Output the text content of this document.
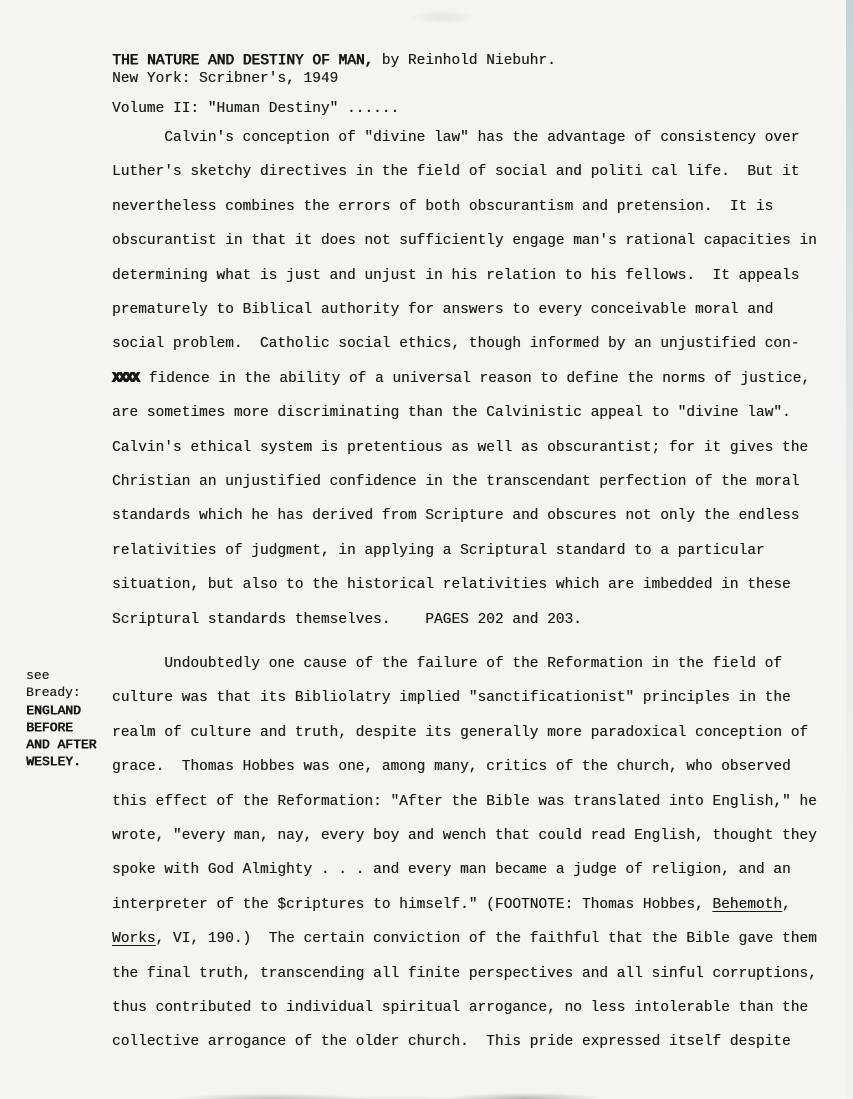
THE NATURE AND DESTINY OF MAN, by Reinhold Niebuhr.
New York: Scribner's, 1949
Volume II: "Human Destiny" ......
Calvin's conception of "divine law" has the advantage of consistency over
Luther's sketchy directives in the field of social and politi cal life.  But it
nevertheless combines the errors of both obscurantism and pretension.  It is
obscurantist in that it does not sufficiently engage man's rational capacities in
determining what is just and unjust in his relation to his fellows.  It appeals
prematurely to Biblical authority for answers to every conceivable moral and
social problem.  Catholic social ethics, though informed by an unjustified con-
XXXX fidence in the ability of a universal reason to define the norms of justice,
are sometimes more discriminating than the Calvinistic appeal to "divine law".
Calvin's ethical system is pretentious as well as obscurantist; for it gives the
Christian an unjustified confidence in the transcendant perfection of the moral
standards which he has derived from Scripture and obscures not only the endless
relativities of judgment, in applying a Scriptural standard to a particular
situation, but also to the historical relativities which are imbedded in these
Scriptural standards themselves.    PAGES 202 and 203.
see
Bready:
ENGLAND
BEFORE
AND AFTER
WESLEY.
Undoubtedly one cause of the failure of the Reformation in the field of
culture was that its Bibliolatry implied "sanctificationist" principles in the
realm of culture and truth, despite its generally more paradoxical conception of
grace.  Thomas Hobbes was one, among many, critics of the church, who observed
this effect of the Reformation: "After the Bible was translated into English," he
wrote, "every man, nay, every boy and wench that could read English, thought they
spoke with God Almighty . . . and every man became a judge of religion, and an
interpreter of the $criptures to himself." (FOOTNOTE: Thomas Hobbes, Behemoth,
Works, VI, 190.)  The certain conviction of the faithful that the Bible gave them
the final truth, transcending all finite perspectives and all sinful corruptions,
thus contributed to individual spiritual arrogance, no less intolerable than the
collective arrogance of the older church.  This pride expressed itself despite
